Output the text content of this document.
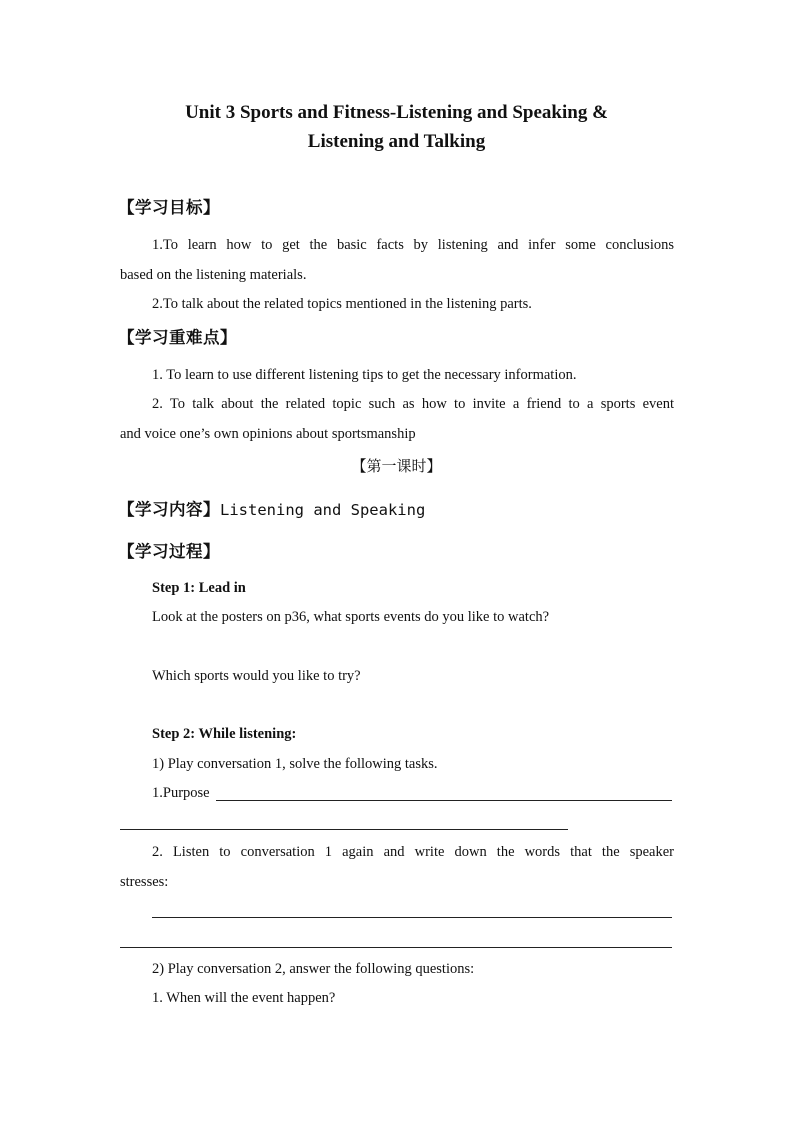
Unit 3 Sports and Fitness-Listening and Speaking &
Listening and Talking
【学习目标】
1.To learn how to get the basic facts by listening and infer some conclusions
based on the listening materials.
2.To talk about the related topics mentioned in the listening parts.
【学习重难点】
1. To learn to use different listening tips to get the necessary information.
2. To talk about the related topic such as how to invite a friend to a sports event
and voice one’s own opinions about sportsmanship
【第一课时】
【学习内容】Listening and Speaking
【学习过程】
Step 1: Lead in
Look at the posters on p36, what sports events do you like to watch?
Which sports would you like to try?
Step 2: While listening:
1) Play conversation 1, solve the following tasks.
1.Purpose
2. Listen to conversation 1 again and write down the words that the speaker
stresses:
2) Play conversation 2, answer the following questions:
1. When will the event happen?
